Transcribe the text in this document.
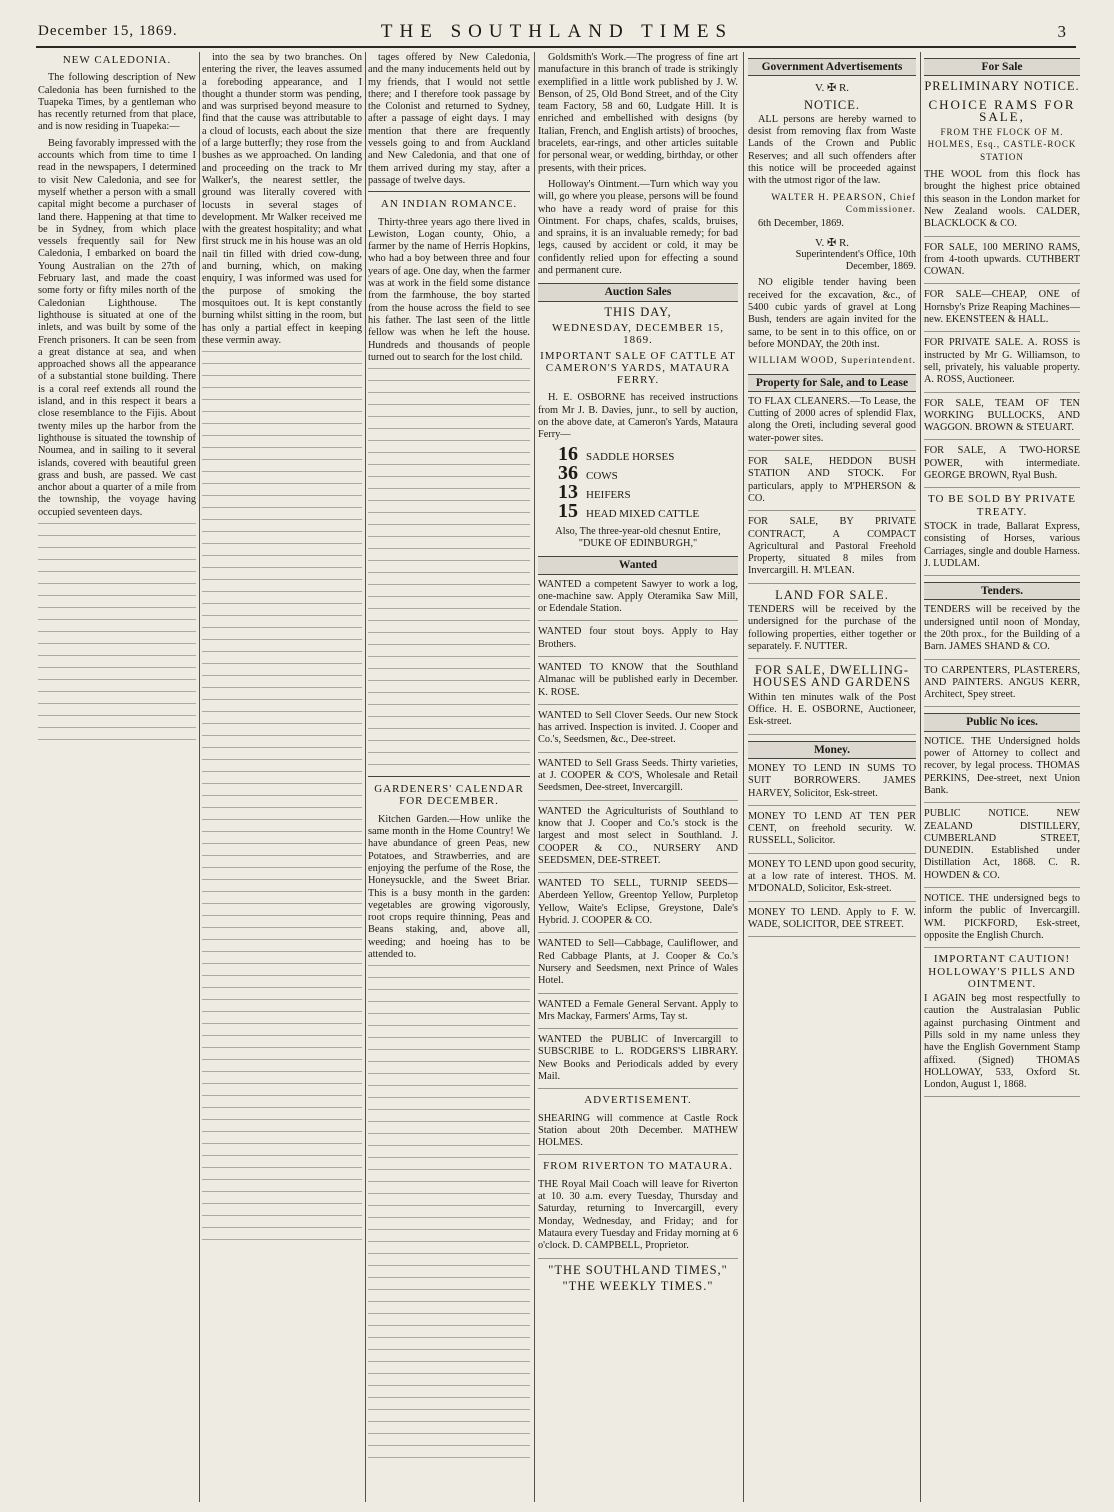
December 15, 1869.	THE SOUTHLAND TIMES	3
NEW CALEDONIA.

The following description of New Caledonia has been furnished to the Tuapeka Times, by a gentleman who has recently returned from that place, and is now residing in Tuapeka:—

Being favorably impressed with the accounts which from time to time I read in the newspapers, I determined to visit New Caledonia, and see for myself whether a person with a small capital might become a purchaser of land there. Happening at that time to be in Sydney, from which place vessels frequently sail for New Caledonia, I embarked on board the Young Australian on the 27th of February last, and made the coast some forty or fifty miles north of the Caledonian Lighthouse. The lighthouse is situated at one of the inlets, and was built by some of the French prisoners. It can be seen from a great distance at sea, and when approached shows all the appearance of a substantial stone building. There is a coral reef extends all round the island, and in this respect it bears a close resemblance to the Fijis. About twenty miles up the harbor from the lighthouse is situated the township of Noumea, and in sailing to it several islands, covered with beautiful green grass and bush, are passed. We cast anchor about a quarter of a mile from the township, the voyage having occupied seventeen days.

into the sea by two branches. On entering the river, the leaves assumed a foreboding appearance, and I thought a thunder storm was pending, and was surprised beyond measure to find that the cause was attributable to a cloud of locusts, each about the size of a large butterfly; they rose from the bushes as we approached. On landing and proceeding on the track to Mr Walker's, the nearest settler, the ground was literally covered with locusts in several stages of development. Mr Walker received me with the greatest hospitality; and what first struck me in his house was an old nail tin filled with dried cow-dung, and burning, which, on making enquiry, I was informed was used for the purpose of smoking the mosquitoes out. It is kept constantly burning whilst sitting in the room, but has only a partial effect in keeping these vermin away.

tages offered by New Caledonia, and the many inducements held out by my friends, that I would not settle there; and I therefore took passage by the Colonist and returned to Sydney, after a passage of eight days. I may mention that there are frequently vessels going to and from Auckland and New Caledonia, and that one of them arrived during my stay, after a passage of twelve days.

AN INDIAN ROMANCE.

Thirty-three years ago there lived in Lewiston, Logan county, Ohio, a farmer by the name of Herris Hopkins, who had a boy between three and four years of age. One day, when the farmer was at work in the field some distance from the farmhouse, the boy started from the house across the field to see his father. The last seen of the little fellow was when he left the house. Hundreds and thousands of people turned out to search for the lost child.

GARDENERS' CALENDAR FOR DECEMBER.

Kitchen Garden.—How unlike the same month in the Home Country! We have abundance of green Peas, new Potatoes, and Strawberries, and are enjoying the perfume of the Rose, the Honeysuckle, and the Sweet Briar. This is a busy month in the garden: vegetables are growing vigorously, root crops require thinning, Peas and Beans staking, and, above all, weeding; and hoeing has to be attended to.

Goldsmith's Work.—The progress of fine art manufacture in this branch of trade is strikingly exemplified in a little work published by J. W. Benson, of 25, Old Bond Street, and of the City team Factory, 58 and 60, Ludgate Hill. It is enriched and embellished with designs (by Italian, French, and English artists) of brooches, bracelets, ear-rings, and other articles suitable for personal wear, or wedding, birthday, or other presents, with their prices.

Holloway's Ointment.—Turn which way you will, go where you please, persons will be found who have a ready word of praise for this Ointment. For chaps, chafes, scalds, bruises, and sprains, it is an invaluable remedy; for bad legs, caused by accident or cold, it may be confidently relied upon for effecting a sound and permanent cure.

Auction Sales
THIS DAY,
WEDNESDAY, DECEMBER 15, 1869.
IMPORTANT SALE OF CATTLE AT CAMERON'S YARDS, MATAURA FERRY.

H. E. OSBORNE has received instructions from Mr J. B. Davies, junr., to sell by auction, on the above date, at Cameron's Yards, Mataura Ferry—

16 SADDLE HORSES
36 COWS
13 HEIFERS
15 HEAD MIXED CATTLE

Also, The three-year-old chesnut Entire, "DUKE OF EDINBURGH,"

Wanted
WANTED a competent Sawyer to work a log, one-machine saw. Apply Oteramika Saw Mill, or Edendale Station.
WANTED four stout boys. Apply to Hay Brothers.
WANTED TO KNOW that the Southland Almanac will be published early in December. K. ROSE.
WANTED to Sell Clover Seeds. Our new Stock has arrived. Inspection is invited. J. Cooper and Co.'s, Seedsmen, &c., Dee-street.
WANTED to Sell Grass Seeds. Thirty varieties, at J. COOPER & CO'S, Wholesale and Retail Seedsmen, Dee-street, Invercargill.
WANTED the Agriculturists of Southland to know that J. Cooper and Co.'s stock is the largest and most select in Southland. J. COOPER & CO., NURSERY AND SEEDSMEN, DEE-STREET.
WANTED TO SELL, TURNIP SEEDS— Aberdeen Yellow, Greentop Yellow, Purpletop Yellow, Waite's Eclipse, Greystone, Dale's Hybrid. J. COOPER & CO.
WANTED to Sell—Cabbage, Cauliflower, and Red Cabbage Plants, at J. Cooper & Co.'s Nursery and Seedsmen, next Prince of Wales Hotel.
WANTED a Female General Servant. Apply to Mrs Mackay, Farmers' Arms, Tay st.
WANTED the PUBLIC of Invercargill to SUBSCRIBE to L. RODGERS'S LIBRARY. New Books and Periodicals added by every Mail.
ADVERTISEMENT.
SHEARING will commence at Castle Rock Station about 20th December. MATHEW HOLMES.
FROM RIVERTON TO MATAURA.
THE Royal Mail Coach will leave for Riverton at 10. 30 a.m. every Tuesday, Thursday and Saturday, returning to Invercargill, every Monday, Wednesday, and Friday; and for Mataura every Tuesday and Friday morning at 6 o'clock. D. CAMPBELL, Proprietor.
"THE SOUTHLAND TIMES,"
"THE WEEKLY TIMES."
Government Advertisements
V. ✠ R.
NOTICE.

ALL persons are hereby warned to desist from removing flax from Waste Lands of the Crown and Public Reserves; and all such offenders after this notice will be proceeded against with the utmost rigor of the law.

WALTER H. PEARSON, Chief Commissioner.

6th December, 1869.

V. ✠ R.

Superintendent's Office, 10th December, 1869.

NO eligible tender having been received for the excavation, &c., of 5400 cubic yards of gravel at Long Bush, tenders are again invited for the same, to be sent in to this office, on or before MONDAY, the 20th inst.

WILLIAM WOOD, Superintendent.
Property for Sale, and to Lease
TO FLAX CLEANERS.—To Lease, the Cutting of 2000 acres of splendid Flax, along the Oreti, including several good water-power sites.
FOR SALE, HEDDON BUSH STATION AND STOCK. For particulars, apply to M'PHERSON & CO.
FOR SALE, BY PRIVATE CONTRACT, A COMPACT Agricultural and Pastoral Freehold Property, situated 8 miles from Invercargill. H. M'LEAN.
LAND FOR SALE.
TENDERS will be received by the undersigned for the purchase of the following properties, either together or separately. F. NUTTER.
FOR SALE, DWELLING-HOUSES AND GARDENS
Within ten minutes walk of the Post Office. H. E. OSBORNE, Auctioneer, Esk-street.
Money.
MONEY TO LEND IN SUMS TO SUIT BORROWERS. JAMES HARVEY, Solicitor, Esk-street.
MONEY TO LEND AT TEN PER CENT, on freehold security. W. RUSSELL, Solicitor.
MONEY TO LEND upon good security, at a low rate of interest. THOS. M. M'DONALD, Solicitor, Esk-street.
MONEY TO LEND. Apply to F. W. WADE, SOLICITOR, DEE STREET.
For Sale
PRELIMINARY NOTICE.
CHOICE RAMS FOR SALE,
FROM THE FLOCK OF M. HOLMES, Esq., CASTLE-ROCK STATION
THE WOOL from this flock has brought the highest price obtained this season in the London market for New Zealand wools. CALDER, BLACKLOCK & CO.
FOR SALE, 100 MERINO RAMS, from 4-tooth upwards. CUTHBERT COWAN.
FOR SALE—CHEAP, ONE of Hornsby's Prize Reaping Machines—new. EKENSTEEN & HALL.
FOR PRIVATE SALE. A. ROSS is instructed by Mr G. Williamson, to sell, privately, his valuable property. A. ROSS, Auctioneer.
FOR SALE, TEAM OF TEN WORKING BULLOCKS, AND WAGGON. BROWN & STEUART.
FOR SALE, A TWO-HORSE POWER, with intermediate. GEORGE BROWN, Ryal Bush.
TO BE SOLD BY PRIVATE TREATY.
STOCK in trade, Ballarat Express, consisting of Horses, various Carriages, single and double Harness. J. LUDLAM.
Tenders.
TENDERS will be received by the undersigned until noon of Monday, the 20th prox., for the Building of a Barn. JAMES SHAND & CO.
TO CARPENTERS, PLASTERERS, AND PAINTERS. ANGUS KERR, Architect, Spey street.
Public No ices.
NOTICE. THE Undersigned holds power of Attorney to collect and recover, by legal process. THOMAS PERKINS, Dee-street, next Union Bank.
PUBLIC NOTICE. NEW ZEALAND DISTILLERY, CUMBERLAND STREET, DUNEDIN. Established under Distillation Act, 1868. C. R. HOWDEN & CO.
NOTICE. THE undersigned begs to inform the public of Invercargill. WM. PICKFORD, Esk-street, opposite the English Church.
IMPORTANT CAUTION! HOLLOWAY'S PILLS AND OINTMENT.
I AGAIN beg most respectfully to caution the Australasian Public against purchasing Ointment and Pills sold in my name unless they have the English Government Stamp affixed. (Signed) THOMAS HOLLOWAY, 533, Oxford St. London, August 1, 1868.
